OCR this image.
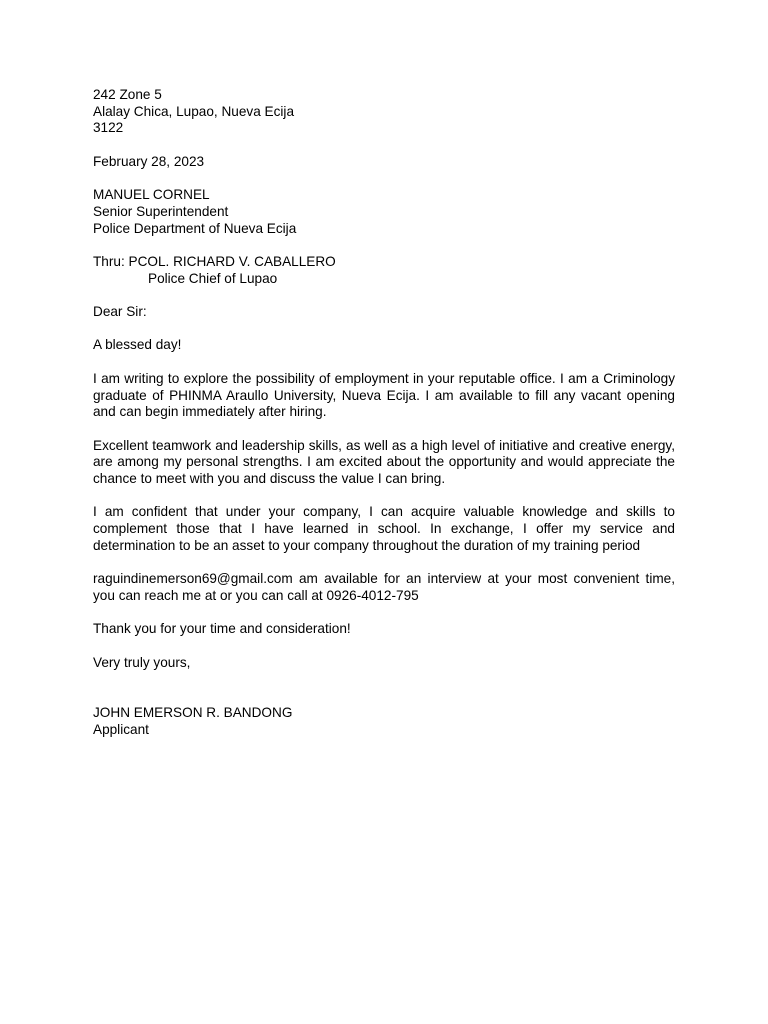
242 Zone 5
Alalay Chica, Lupao, Nueva Ecija
3122
February 28, 2023
MANUEL CORNEL
Senior Superintendent
Police Department of Nueva Ecija
Thru: PCOL. RICHARD V. CABALLERO
Police Chief of Lupao
Dear Sir:
A blessed day!

I am writing to explore the possibility of employment in your reputable office. I am a Criminology graduate of PHINMA Araullo University, Nueva Ecija. I am available to fill any vacant opening and can begin immediately after hiring.

Excellent teamwork and leadership skills, as well as a high level of initiative and creative energy, are among my personal strengths. I am excited about the opportunity and would appreciate the chance to meet with you and discuss the value I can bring.

I am confident that under your company, I can acquire valuable knowledge and skills to complement those that I have learned in school. In exchange, I offer my service and determination to be an asset to your company throughout the duration of my training period

raguindinemerson69@gmail.com am available for an interview at your most convenient time, you can reach me at or you can call at 0926-4012-795

Thank you for your time and consideration!

Very truly yours,
JOHN EMERSON R. BANDONG
Applicant
